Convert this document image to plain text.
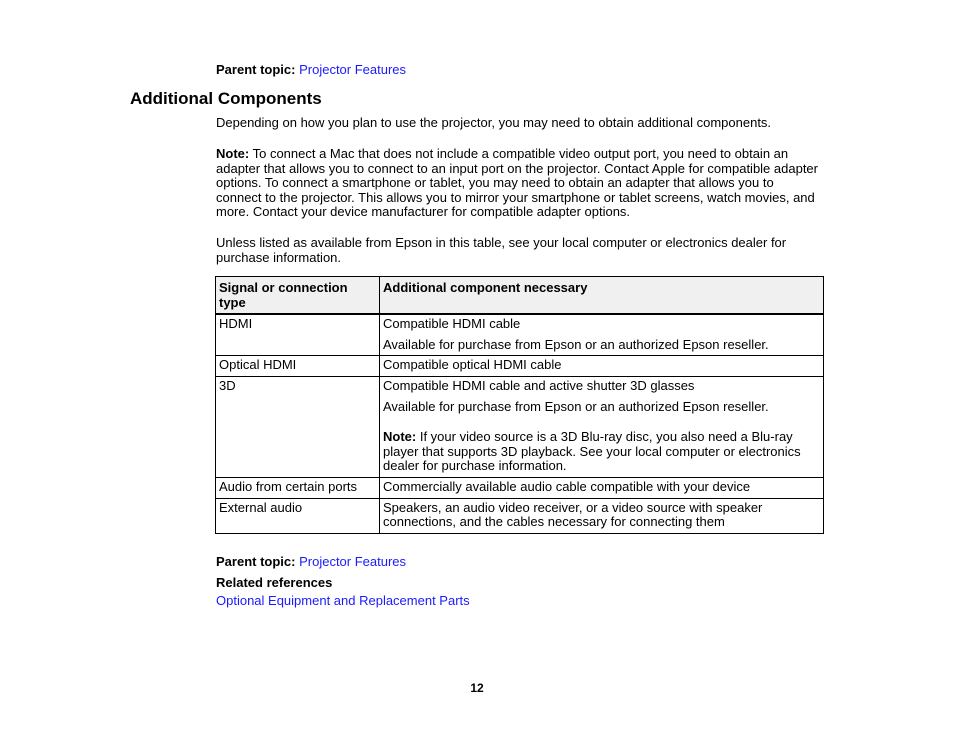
Parent topic: Projector Features
Additional Components

Depending on how you plan to use the projector, you may need to obtain additional components.

Note: To connect a Mac that does not include a compatible video output port, you need to obtain an adapter that allows you to connect to an input port on the projector. Contact Apple for compatible adapter options. To connect a smartphone or tablet, you may need to obtain an adapter that allows you to connect to the projector. This allows you to mirror your smartphone or tablet screens, watch movies, and more. Contact your device manufacturer for compatible adapter options.

Unless listed as available from Epson in this table, see your local computer or electronics dealer for purchase information.

Signal or connection type	Additional component necessary
HDMI	Compatible HDMI cable

Available for purchase from Epson or an authorized Epson reseller.

Optical HDMI	Compatible optical HDMI cable

3D	Compatible HDMI cable and active shutter 3D glasses

Available for purchase from Epson or an authorized Epson reseller.

Note: If your video source is a 3D Blu-ray disc, you also need a Blu-ray player that supports 3D playback. See your local computer or electronics dealer for purchase information.

Audio from certain ports	Commercially available audio cable compatible with your device

External audio	Speakers, an audio video receiver, or a video source with speaker connections, and the cables necessary for connecting them

Parent topic: Projector Features
Related references
Optional Equipment and Replacement Parts
12
